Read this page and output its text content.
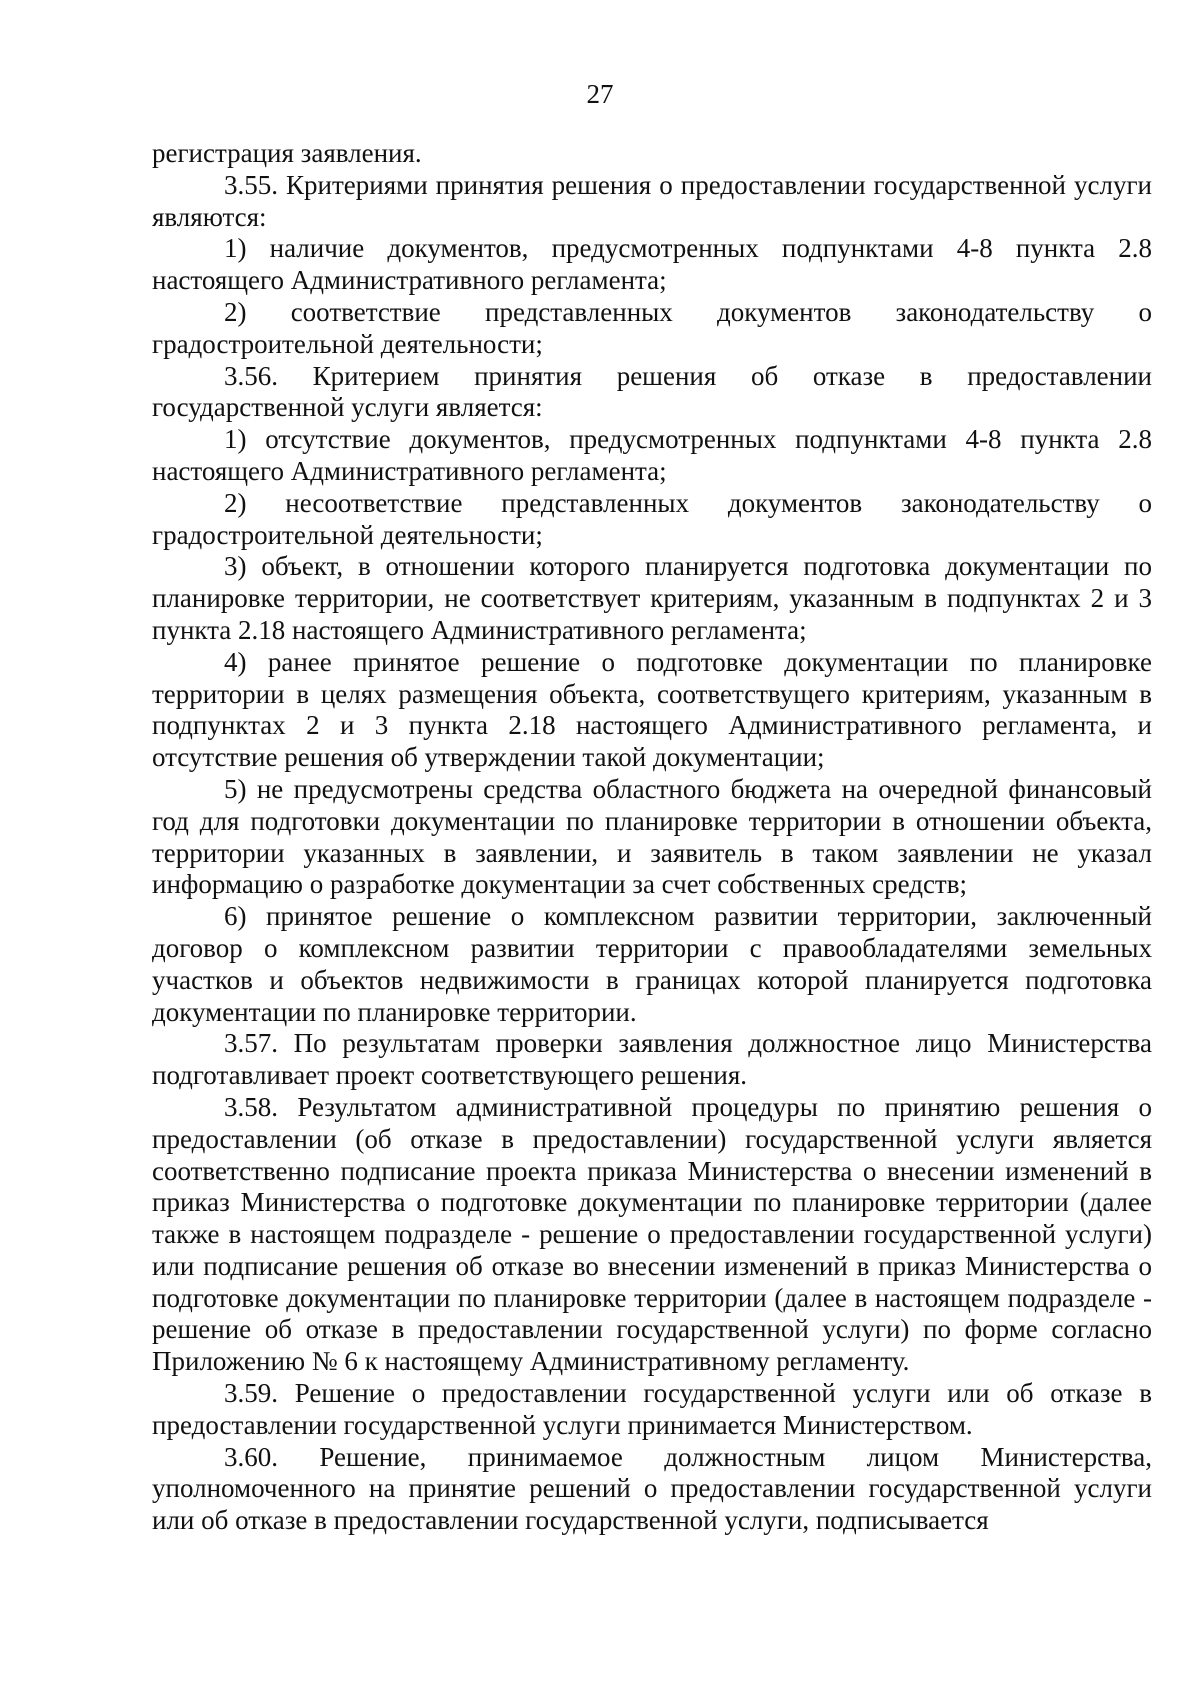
27

регистрация заявления.

3.55. Критериями принятия решения о предоставлении государственной услуги являются:

1) наличие документов, предусмотренных подпунктами 4-8 пункта 2.8 настоящего Административного регламента;

2) соответствие представленных документов законодательству о градостроительной деятельности;

3.56. Критерием принятия решения об отказе в предоставлении государственной услуги является:

1) отсутствие документов, предусмотренных подпунктами 4-8 пункта 2.8 настоящего Административного регламента;

2) несоответствие представленных документов законодательству о градостроительной деятельности;

3) объект, в отношении которого планируется подготовка документации по планировке территории, не соответствует критериям, указанным в подпунктах 2 и 3 пункта 2.18 настоящего Административного регламента;

4) ранее принятое решение о подготовке документации по планировке территории в целях размещения объекта, соответствущего критериям, указанным в подпунктах 2 и 3 пункта 2.18 настоящего Административного регламента, и отсутствие решения об утверждении такой документации;

5) не предусмотрены средства областного бюджета на очередной финансовый год для подготовки документации по планировке территории в отношении объекта, территории указанных в заявлении, и заявитель в таком заявлении не указал информацию о разработке документации за счет собственных средств;

6) принятое решение о комплексном развитии территории, заключенный договор о комплексном развитии территории с правообладателями земельных участков и объектов недвижимости в границах которой планируется подготовка документации по планировке территории.

3.57. По результатам проверки заявления должностное лицо Министерства подготавливает проект соответствующего решения.

3.58. Результатом административной процедуры по принятию решения о предоставлении (об отказе в предоставлении) государственной услуги является соответственно подписание проекта приказа Министерства о внесении изменений в приказ Министерства о подготовке документации по планировке территории (далее также в настоящем подразделе - решение о предоставлении государственной услуги) или подписание решения об отказе во внесении изменений в приказ Министерства о подготовке документации по планировке территории (далее в настоящем подразделе - решение об отказе в предоставлении государственной услуги) по форме согласно Приложению № 6 к настоящему Административному регламенту.

3.59. Решение о предоставлении государственной услуги или об отказе в предоставлении государственной услуги принимается Министерством.

3.60. Решение, принимаемое должностным лицом Министерства, уполномоченного на принятие решений о предоставлении государственной услуги или об отказе в предоставлении государственной услуги, подписывается
